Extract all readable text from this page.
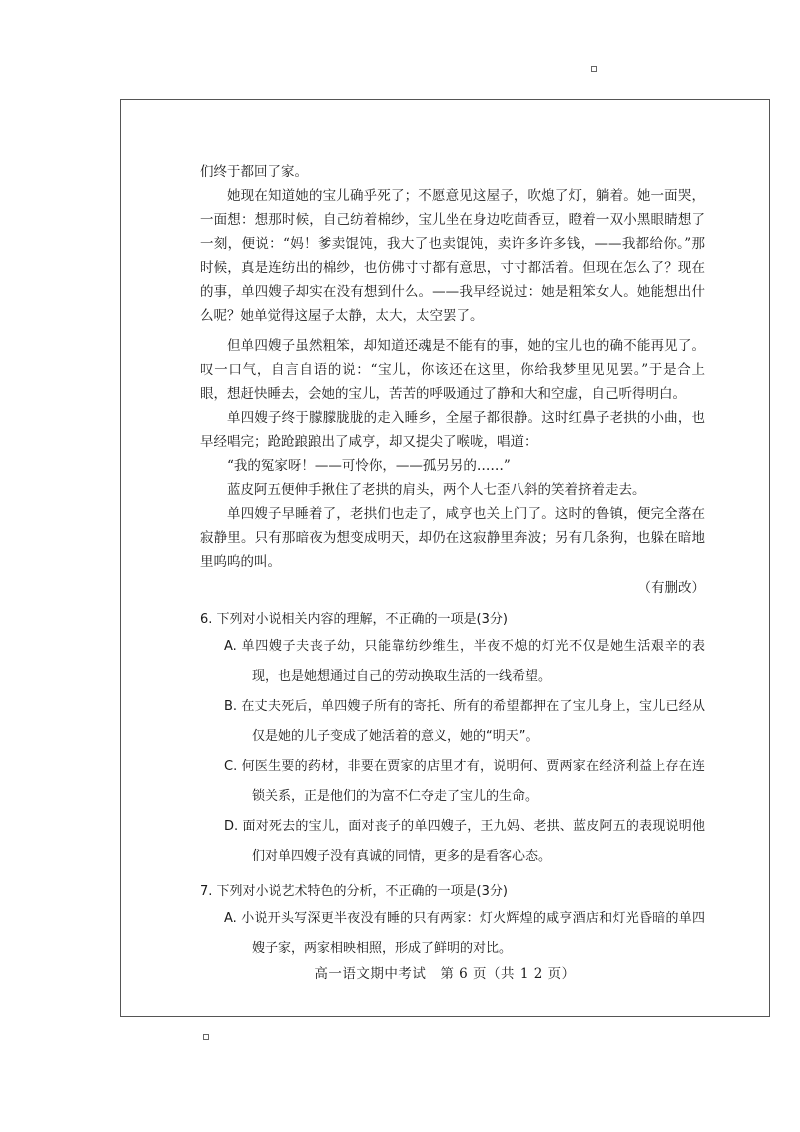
们终于都回了家。

她现在知道她的宝儿确乎死了；不愿意见这屋子，吹熄了灯，躺着。她一面哭，一面想：想那时候，自己纺着棉纱，宝儿坐在身边吃茴香豆，瞪着一双小黑眼睛想了一刻，便说：“妈！爹卖馄饨，我大了也卖馄饨，卖许多许多钱，——我都给你。”那时候，真是连纺出的棉纱，也仿佛寸寸都有意思，寸寸都活着。但现在怎么了？现在的事，单四嫂子却实在没有想到什么。——我早经说过：她是粗笨女人。她能想出什么呢？她单觉得这屋子太静，太大，太空罢了。

但单四嫂子虽然粗笨，却知道还魂是不能有的事，她的宝儿也的确不能再见了。叹一口气，自言自语的说：“宝儿，你该还在这里，你给我梦里见见罢。”于是合上眼，想赶快睡去，会她的宝儿，苦苦的呼吸通过了静和大和空虚，自己听得明白。

单四嫂子终于朦朦胧胧的走入睡乡，全屋子都很静。这时红鼻子老拱的小曲，也早经唱完；跄跄踉踉出了咸亨，却又提尖了喉咙，唱道：

“我的冤家呀！——可怜你，——孤另另的……”

蓝皮阿五便伸手揪住了老拱的肩头，两个人七歪八斜的笑着挤着走去。

单四嫂子早睡着了，老拱们也走了，咸亨也关上门了。这时的鲁镇，便完全落在寂静里。只有那暗夜为想变成明天，却仍在这寂静里奔波；另有几条狗，也躲在暗地里呜呜的叫。

（有删改）

6. 下列对小说相关内容的理解，不正确的一项是(3分)

A. 单四嫂子夫丧子幼，只能靠纺纱维生，半夜不熄的灯光不仅是她生活艰辛的表现，也是她想通过自己的劳动换取生活的一线希望。

B. 在丈夫死后，单四嫂子所有的寄托、所有的希望都押在了宝儿身上，宝儿已经从仅是她的儿子变成了她活着的意义，她的“明天”。

C. 何医生要的药材，非要在贾家的店里才有，说明何、贾两家在经济利益上存在连锁关系，正是他们的为富不仁夺走了宝儿的生命。

D. 面对死去的宝儿，面对丧子的单四嫂子，王九妈、老拱、蓝皮阿五的表现说明他们对单四嫂子没有真诚的同情，更多的是看客心态。

7. 下列对小说艺术特色的分析，不正确的一项是(3分)

A. 小说开头写深更半夜没有睡的只有两家：灯火辉煌的咸亨酒店和灯光昏暗的单四嫂子家，两家相映相照，形成了鲜明的对比。

高一语文期中考试　第 6 页（共 1 2 页）
